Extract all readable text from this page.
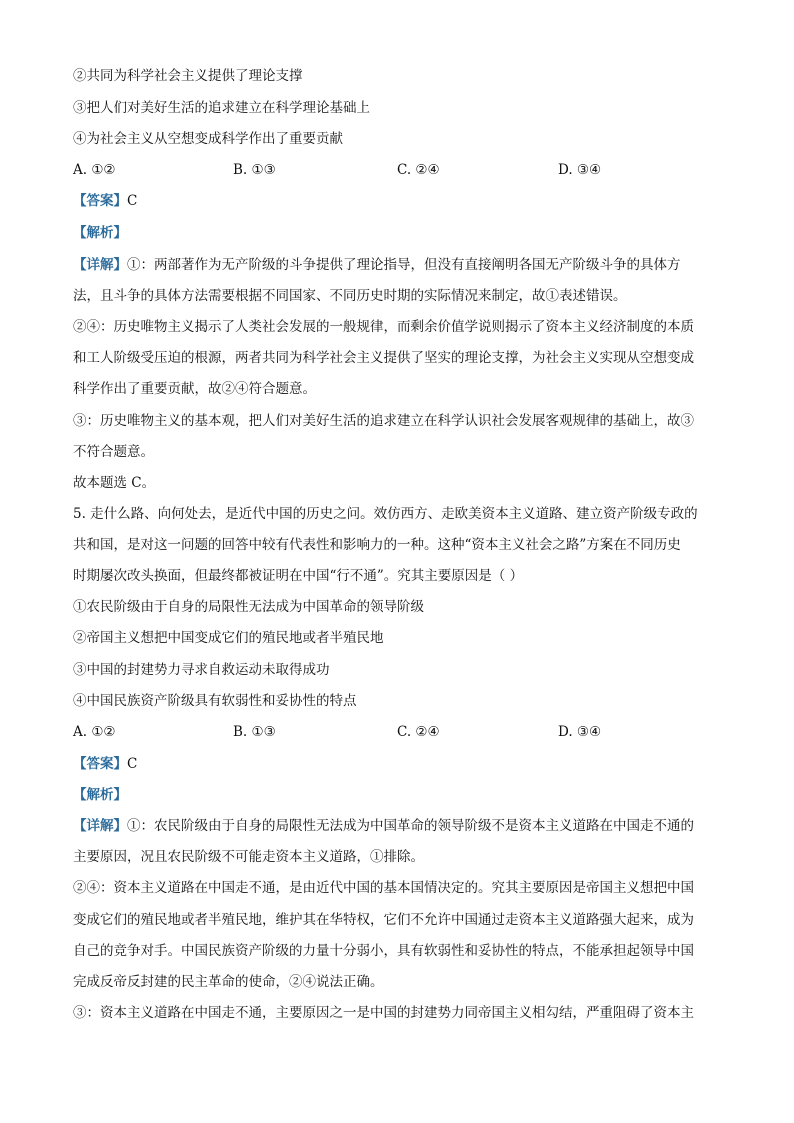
②共同为科学社会主义提供了理论支撑
③把人们对美好生活的追求建立在科学理论基础上
④为社会主义从空想变成科学作出了重要贡献
A. ①②	B. ①③	C. ②④	D. ③④
【答案】C
【解析】
【详解】①：两部著作为无产阶级的斗争提供了理论指导，但没有直接阐明各国无产阶级斗争的具体方
法，且斗争的具体方法需要根据不同国家、不同历史时期的实际情况来制定，故①表述错误。
②④：历史唯物主义揭示了人类社会发展的一般规律，而剩余价值学说则揭示了资本主义经济制度的本质
和工人阶级受压迫的根源，两者共同为科学社会主义提供了坚实的理论支撑，为社会主义实现从空想变成
科学作出了重要贡献，故②④符合题意。
③：历史唯物主义的基本观，把人们对美好生活的追求建立在科学认识社会发展客观规律的基础上，故③
不符合题意。
故本题选 C。
5. 走什么路、向何处去，是近代中国的历史之问。效仿西方、走欧美资本主义道路、建立资产阶级专政的
共和国，是对这一问题的回答中较有代表性和影响力的一种。这种“资本主义社会之路”方案在不同历史
时期屡次改头换面，但最终都被证明在中国“行不通”。究其主要原因是（ ）
①农民阶级由于自身的局限性无法成为中国革命的领导阶级
②帝国主义想把中国变成它们的殖民地或者半殖民地
③中国的封建势力寻求自救运动未取得成功
④中国民族资产阶级具有软弱性和妥协性的特点
A. ①②	B. ①③	C. ②④	D. ③④
【答案】C
【解析】
【详解】①：农民阶级由于自身的局限性无法成为中国革命的领导阶级不是资本主义道路在中国走不通的
主要原因，况且农民阶级不可能走资本主义道路，①排除。
②④：资本主义道路在中国走不通，是由近代中国的基本国情决定的。究其主要原因是帝国主义想把中国
变成它们的殖民地或者半殖民地，维护其在华特权，它们不允许中国通过走资本主义道路强大起来，成为
自己的竞争对手。中国民族资产阶级的力量十分弱小，具有软弱性和妥协性的特点，不能承担起领导中国
完成反帝反封建的民主革命的使命，②④说法正确。
③：资本主义道路在中国走不通，主要原因之一是中国的封建势力同帝国主义相勾结，严重阻碍了资本主
